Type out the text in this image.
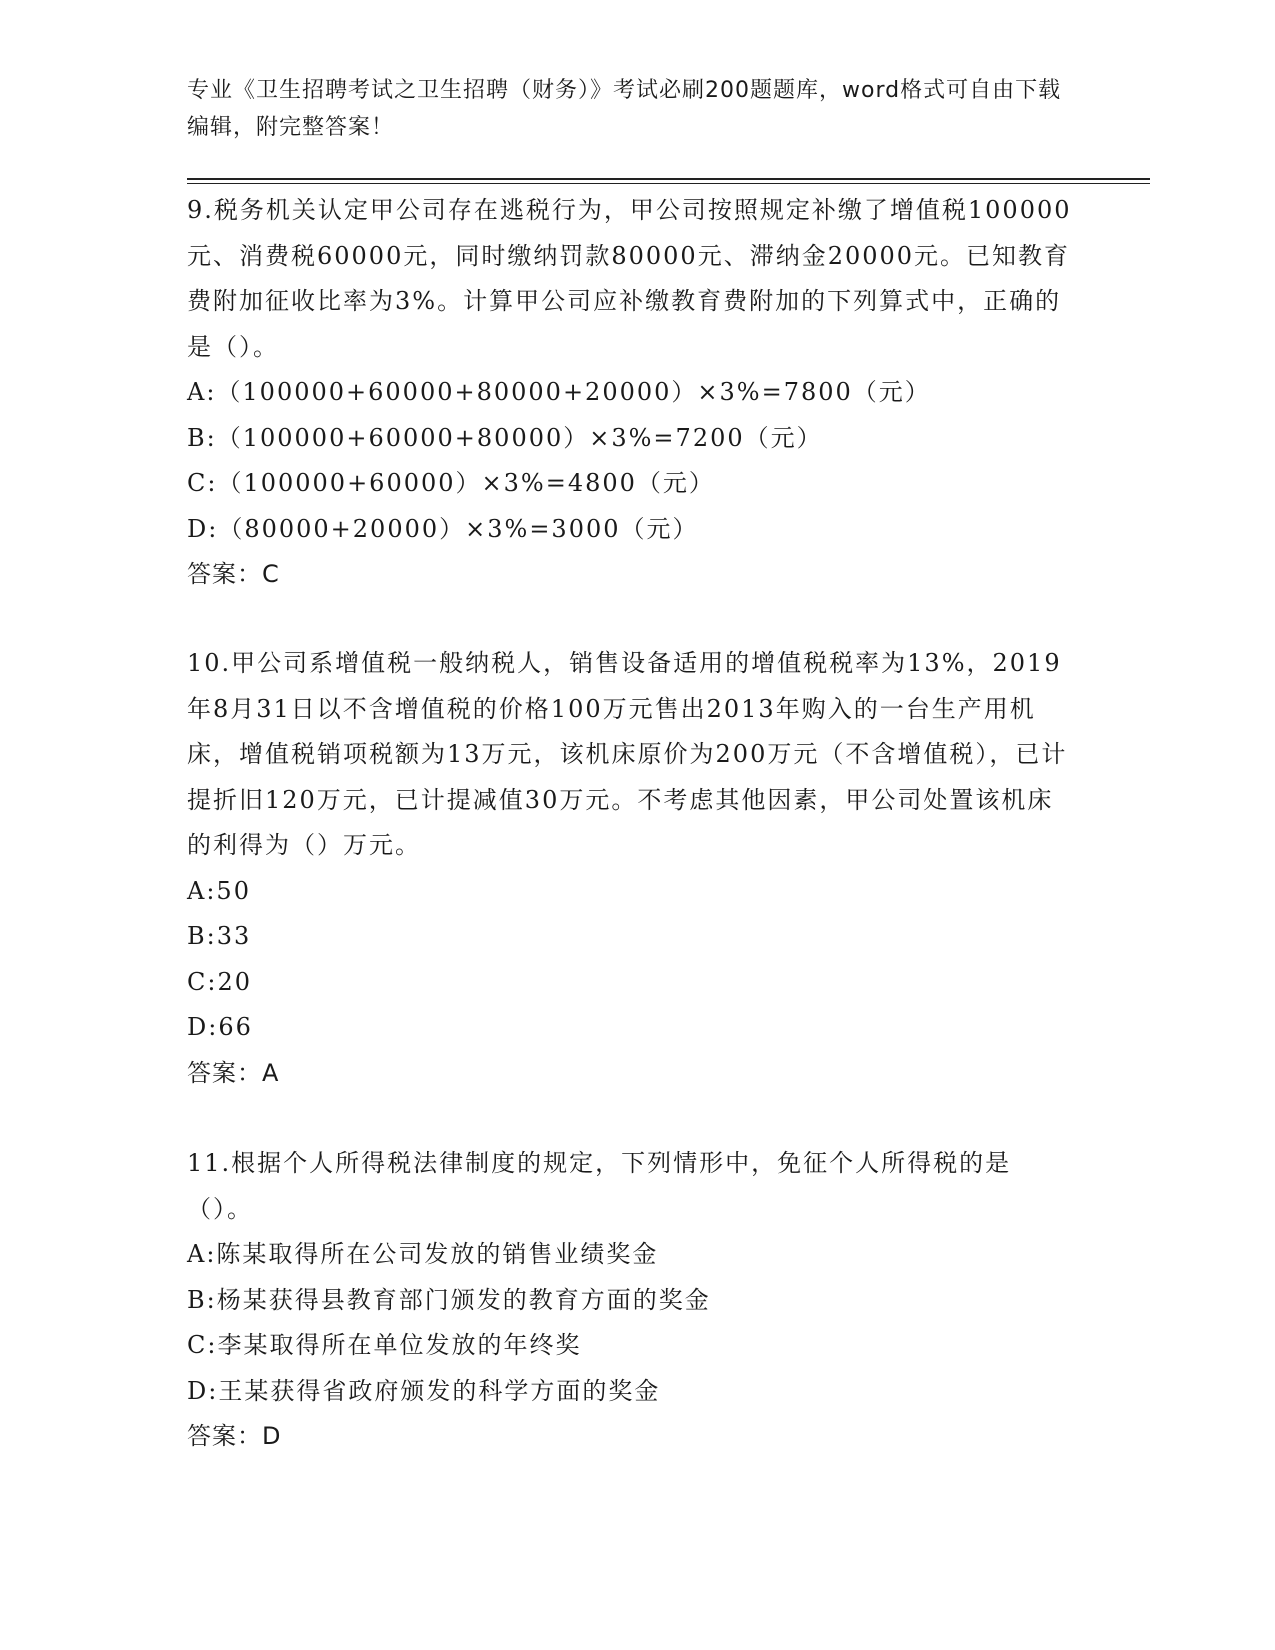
专业《卫生招聘考试之卫生招聘（财务）》考试必刷200题题库，word格式可自由下载编辑，附完整答案！
9.税务机关认定甲公司存在逃税行为，甲公司按照规定补缴了增值税100000元、消费税60000元，同时缴纳罚款80000元、滞纳金20000元。已知教育费附加征收比率为3%。计算甲公司应补缴教育费附加的下列算式中，正确的是（）。
A:（100000+60000+80000+20000）×3%=7800（元）
B:（100000+60000+80000）×3%=7200（元）
C:（100000+60000）×3%=4800（元）
D:（80000+20000）×3%=3000（元）
答案：C
10.甲公司系增值税一般纳税人，销售设备适用的增值税税率为13%，2019年8月31日以不含增值税的价格100万元售出2013年购入的一台生产用机床，增值税销项税额为13万元，该机床原价为200万元（不含增值税），已计提折旧120万元，已计提减值30万元。不考虑其他因素，甲公司处置该机床的利得为（）万元。
A:50
B:33
C:20
D:66
答案：A
11.根据个人所得税法律制度的规定，下列情形中，免征个人所得税的是（）。
A:陈某取得所在公司发放的销售业绩奖金
B:杨某获得县教育部门颁发的教育方面的奖金
C:李某取得所在单位发放的年终奖
D:王某获得省政府颁发的科学方面的奖金
答案：D
